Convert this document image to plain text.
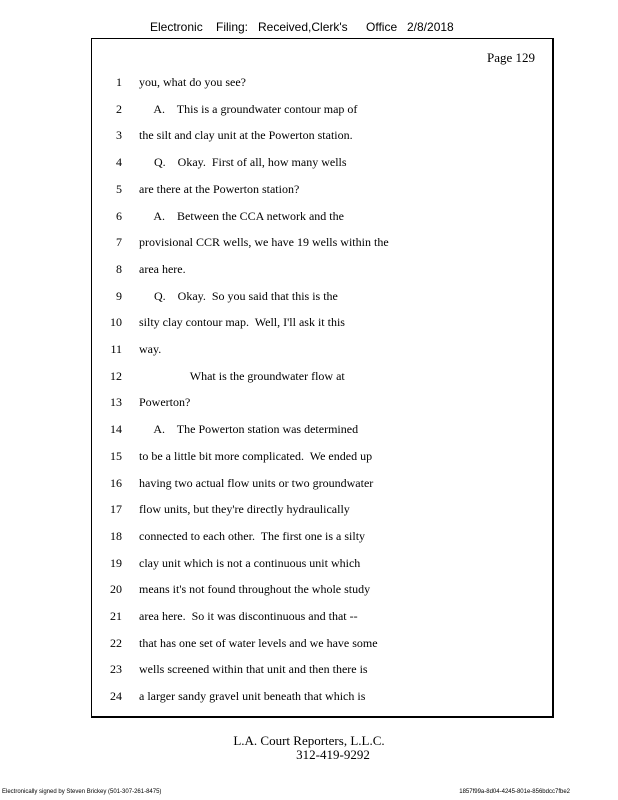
Electronic Filing: Received,Clerk's Office 2/8/2018
Page 129
1 you, what do you see?
2 A.    This is a groundwater contour map of
3 the silt and clay unit at the Powerton station.
4 Q.    Okay.  First of all, how many wells
5 are there at the Powerton station?
6 A.    Between the CCA network and the
7 provisional CCR wells, we have 19 wells within the
8 area here.
9 Q.    Okay.  So you said that this is the
10 silty clay contour map.  Well, I'll ask it this
11 way.
12 What is the groundwater flow at
13 Powerton?
14 A.    The Powerton station was determined
15 to be a little bit more complicated.  We ended up
16 having two actual flow units or two groundwater
17 flow units, but they're directly hydraulically
18 connected to each other.  The first one is a silty
19 clay unit which is not a continuous unit which
20 means it's not found throughout the whole study
21 area here.  So it was discontinuous and that --
22 that has one set of water levels and we have some
23 wells screened within that unit and then there is
24 a larger sandy gravel unit beneath that which is
L.A. Court Reporters, L.L.C.
312-419-9292
Electronically signed by Steven Brickey (501-307-261-8475)	1857f99a-8d04-4245-801e-856bdcc7fbe2
